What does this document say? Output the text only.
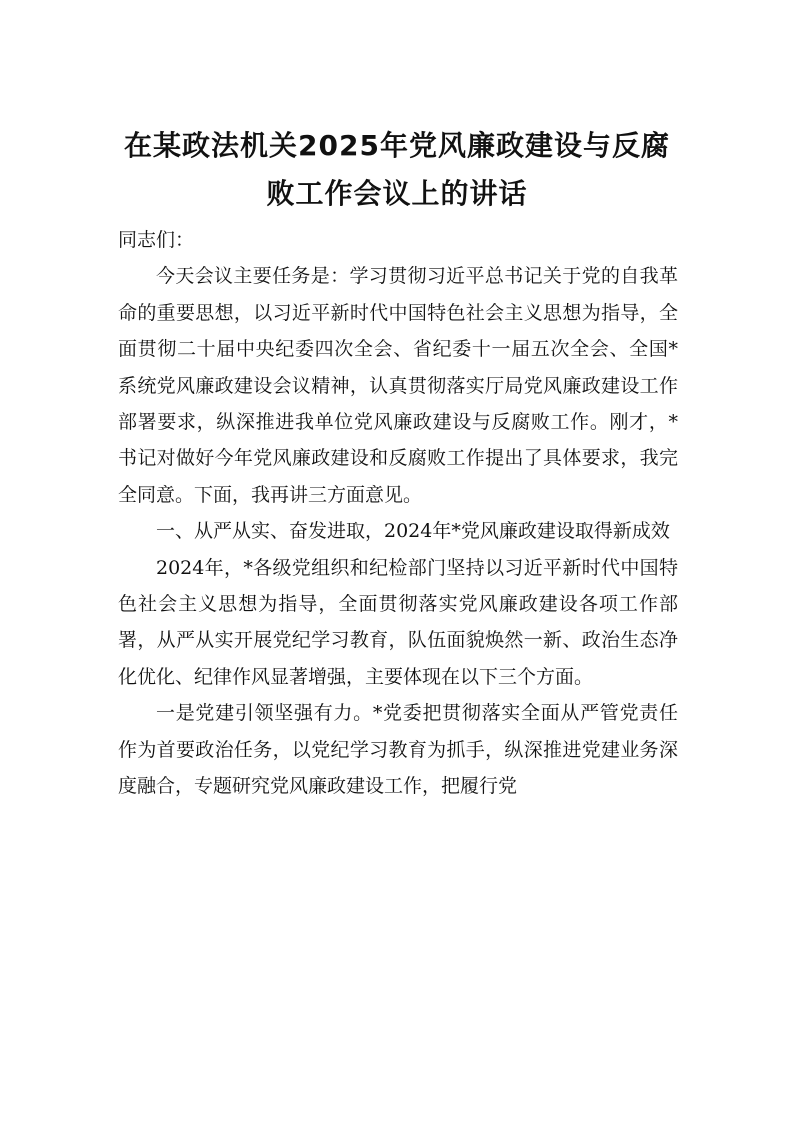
在某政法机关2025年党风廉政建设与反腐
败工作会议上的讲话

同志们：

今天会议主要任务是：学习贯彻习近平总书记关于党的自我革命的重要思想，以习近平新时代中国特色社会主义思想为指导，全面贯彻二十届中央纪委四次全会、省纪委十一届五次全会、全国*系统党风廉政建设会议精神，认真贯彻落实厅局党风廉政建设工作部署要求，纵深推进我单位党风廉政建设与反腐败工作。刚才，*书记对做好今年党风廉政建设和反腐败工作提出了具体要求，我完全同意。下面，我再讲三方面意见。

一、从严从实、奋发进取，2024年*党风廉政建设取得新成效

2024年，*各级党组织和纪检部门坚持以习近平新时代中国特色社会主义思想为指导，全面贯彻落实党风廉政建设各项工作部署，从严从实开展党纪学习教育，队伍面貌焕然一新、政治生态净化优化、纪律作风显著增强，主要体现在以下三个方面。

一是党建引领坚强有力。*党委把贯彻落实全面从严管党责任作为首要政治任务，以党纪学习教育为抓手，纵深推进党建业务深度融合，专题研究党风廉政建设工作，把履行党
